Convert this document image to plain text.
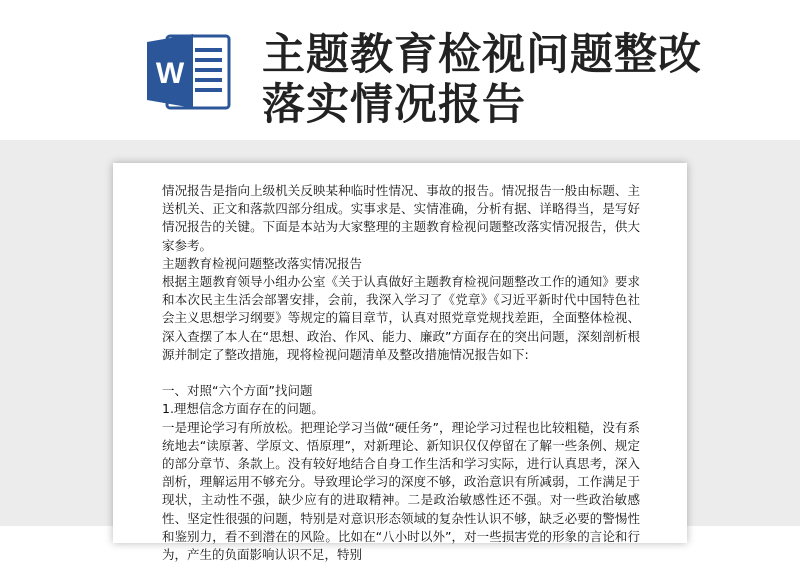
W 主题教育检视问题整改落实情况报告

情况报告是指向上级机关反映某种临时性情况、事故的报告。情况报告一般由标题、主送机关、正文和落款四部分组成。实事求是、实情准确，分析有据、详略得当，是写好情况报告的关键。下面是本站为大家整理的主题教育检视问题整改落实情况报告，供大家参考。

主题教育检视问题整改落实情况报告

根据主题教育领导小组办公室《关于认真做好主题教育检视问题整改工作的通知》要求和本次民主生活会部署安排，会前，我深入学习了《党章》《习近平新时代中国特色社会主义思想学习纲要》等规定的篇目章节，认真对照党章党规找差距，全面整体检视、深入查摆了本人在“思想、政治、作风、能力、廉政”方面存在的突出问题，深刻剖析根源并制定了整改措施，现将检视问题清单及整改措施情况报告如下:

一、对照“六个方面”找问题

1.理想信念方面存在的问题。

一是理论学习有所放松。把理论学习当做“硬任务”，理论学习过程也比较粗糙，没有系统地去“读原著、学原文、悟原理”，对新理论、新知识仅仅停留在了解一些条例、规定的部分章节、条款上。没有较好地结合自身工作生活和学习实际，进行认真思考，深入剖析，理解运用不够充分。导致理论学习的深度不够，政治意识有所减弱，工作满足于现状，主动性不强，缺少应有的进取精神。二是政治敏感性还不强。对一些政治敏感性、坚定性很强的问题，特别是对意识形态领域的复杂性认识不够，缺乏必要的警惕性和鉴别力，看不到潜在的风险。比如在“八小时以外”，对一些损害党的形象的言论和行为，产生的负面影响认识不足，特别
